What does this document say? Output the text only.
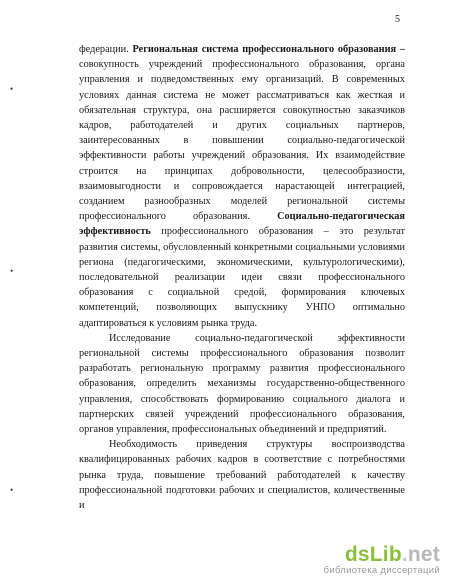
5
•
•
•

федерации. Региональная система профессионального образования – совокупность учреждений профессионального образования, органа управления и подведомственных ему организаций. В современных условиях данная система не может рассматриваться как жесткая и обязательная структура, она расширяется совокупностью заказчиков кадров, работодателей и других социальных партнеров, заинтересованных в повышении социально-педагогической эффективности работы учреждений образования. Их взаимодействие строится на принципах добровольности, целесообразности, взаимовыгодности и сопровождается нарастающей интеграцией, созданием разнообразных моделей региональной системы профессионального образования. Социально-педагогическая эффективность профессионального образования – это результат развития системы, обусловленный конкретными социальными условиями региона (педагогическими, экономическими, культурологическими), последовательной реализации идеи связи профессионального образования с социальной средой, формирования ключевых компетенций, позволяющих выпускнику УНПО оптимально адаптироваться к условиям рынка труда.

Исследование социально-педагогической эффективности региональной системы профессионального образования позволит разработать региональную программу развития профессионального образования, определить механизмы государственно-общественного управления, способствовать формированию социального диалога и партнерских связей учреждений профессионального образования, органов управления, профессиональных объединений и предприятий.

Необходимость приведения структуры воспроизводства квалифицированных рабочих кадров в соответствие с потребностями рынка труда, повышение требований работодателей к качеству профессиональной подготовки рабочих и специалистов, количественные и

dsLib.net
библиотека диссертаций
